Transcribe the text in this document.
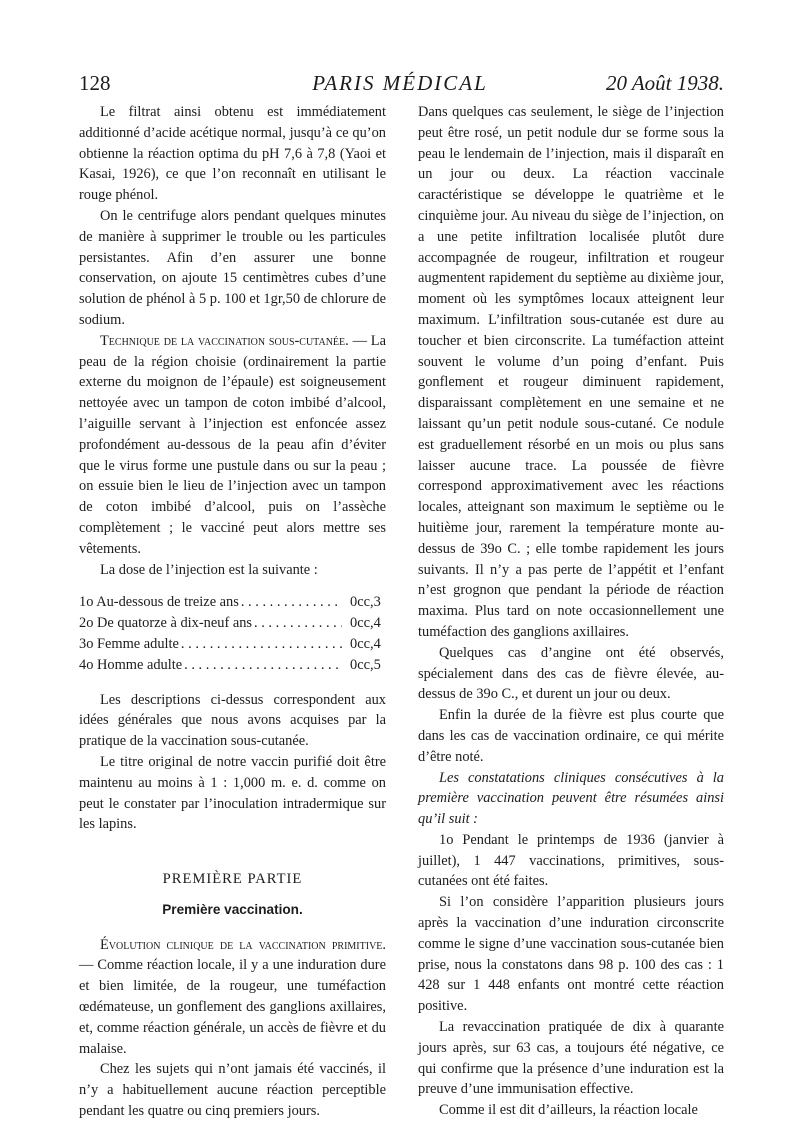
128	PARIS MÉDICAL	20 Août 1938.

Le filtrat ainsi obtenu est immédiatement additionné d’acide acétique normal, jusqu’à ce qu’on obtienne la réaction optima du pH 7,6 à 7,8 (Yaoi et Kasai, 1926), ce que l’on reconnaît en utilisant le rouge phénol.

On le centrifuge alors pendant quelques minutes de manière à supprimer le trouble ou les particules persistantes. Afin d’en assurer une bonne conservation, on ajoute 15 centimètres cubes d’une solution de phénol à 5 p. 100 et 1gr,50 de chlorure de sodium.

Technique de la vaccination sous-cutanée. — La peau de la région choisie (ordinairement la partie externe du moignon de l’épaule) est soigneusement nettoyée avec un tampon de coton imbibé d’alcool, l’aiguille servant à l’injection est enfoncée assez profondément au-dessous de la peau afin d’éviter que le virus forme une pustule dans ou sur la peau ; on essuie bien le lieu de l’injection avec un tampon de coton imbibé d’alcool, puis on l’assèche complètement ; le vacciné peut alors mettre ses vêtements.

La dose de l’injection est la suivante :

1o Au-dessous de treize ans . . .	0cc,3
2o De quatorze à dix-neuf ans . . .	0cc,4
3o Femme adulte . . .	0cc,4
4o Homme adulte . . .	0cc,5

Les descriptions ci-dessus correspondent aux idées générales que nous avons acquises par la pratique de la vaccination sous-cutanée.

Le titre original de notre vaccin purifié doit être maintenu au moins à 1 : 1,000 m. e. d. comme on peut le constater par l’inoculation intradermique sur les lapins.

PREMIÈRE PARTIE
Première vaccination.

Évolution clinique de la vaccination primitive. — Comme réaction locale, il y a une induration dure et bien limitée, de la rougeur, une tuméfaction œdémateuse, un gonflement des ganglions axillaires, et, comme réaction générale, un accès de fièvre et du malaise.

Chez les sujets qui n’ont jamais été vaccinés, il n’y a habituellement aucune réaction perceptible pendant les quatre ou cinq premiers jours.

Dans quelques cas seulement, le siège de l’injection peut être rosé, un petit nodule dur se forme sous la peau le lendemain de l’injection, mais il disparaît en un jour ou deux. La réaction vaccinale caractéristique se développe le quatrième et le cinquième jour. Au niveau du siège de l’injection, on a une petite infiltration localisée plutôt dure accompagnée de rougeur, infiltration et rougeur augmentent rapidement du septième au dixième jour, moment où les symptômes locaux atteignent leur maximum. L’infiltration sous-cutanée est dure au toucher et bien circonscrite. La tuméfaction atteint souvent le volume d’un poing d’enfant. Puis gonflement et rougeur diminuent rapidement, disparaissant complètement en une semaine et ne laissant qu’un petit nodule sous-cutané. Ce nodule est graduellement résorbé en un mois ou plus sans laisser aucune trace. La poussée de fièvre correspond approximativement avec les réactions locales, atteignant son maximum le septième ou le huitième jour, rarement la température monte au-dessus de 39o C. ; elle tombe rapidement les jours suivants. Il n’y a pas perte de l’appétit et l’enfant n’est grognon que pendant la période de réaction maxima. Plus tard on note occasionnellement une tuméfaction des ganglions axillaires.

Quelques cas d’angine ont été observés, spécialement dans des cas de fièvre élevée, au-dessus de 39o C., et durent un jour ou deux.

Enfin la durée de la fièvre est plus courte que dans les cas de vaccination ordinaire, ce qui mérite d’être noté.

Les constatations cliniques consécutives à la première vaccination peuvent être résumées ainsi qu’il suit :

1o Pendant le printemps de 1936 (janvier à juillet), 1 447 vaccinations, primitives, sous-cutanées ont été faites.

Si l’on considère l’apparition plusieurs jours après la vaccination d’une induration circonscrite comme le signe d’une vaccination sous-cutanée bien prise, nous la constatons dans 98 p. 100 des cas : 1 428 sur 1 448 enfants ont montré cette réaction positive.

La revaccination pratiquée de dix à quarante jours après, sur 63 cas, a toujours été négative, ce qui confirme que la présence d’une induration est la preuve d’une immunisation effective.

Comme il est dit d’ailleurs, la réaction locale
